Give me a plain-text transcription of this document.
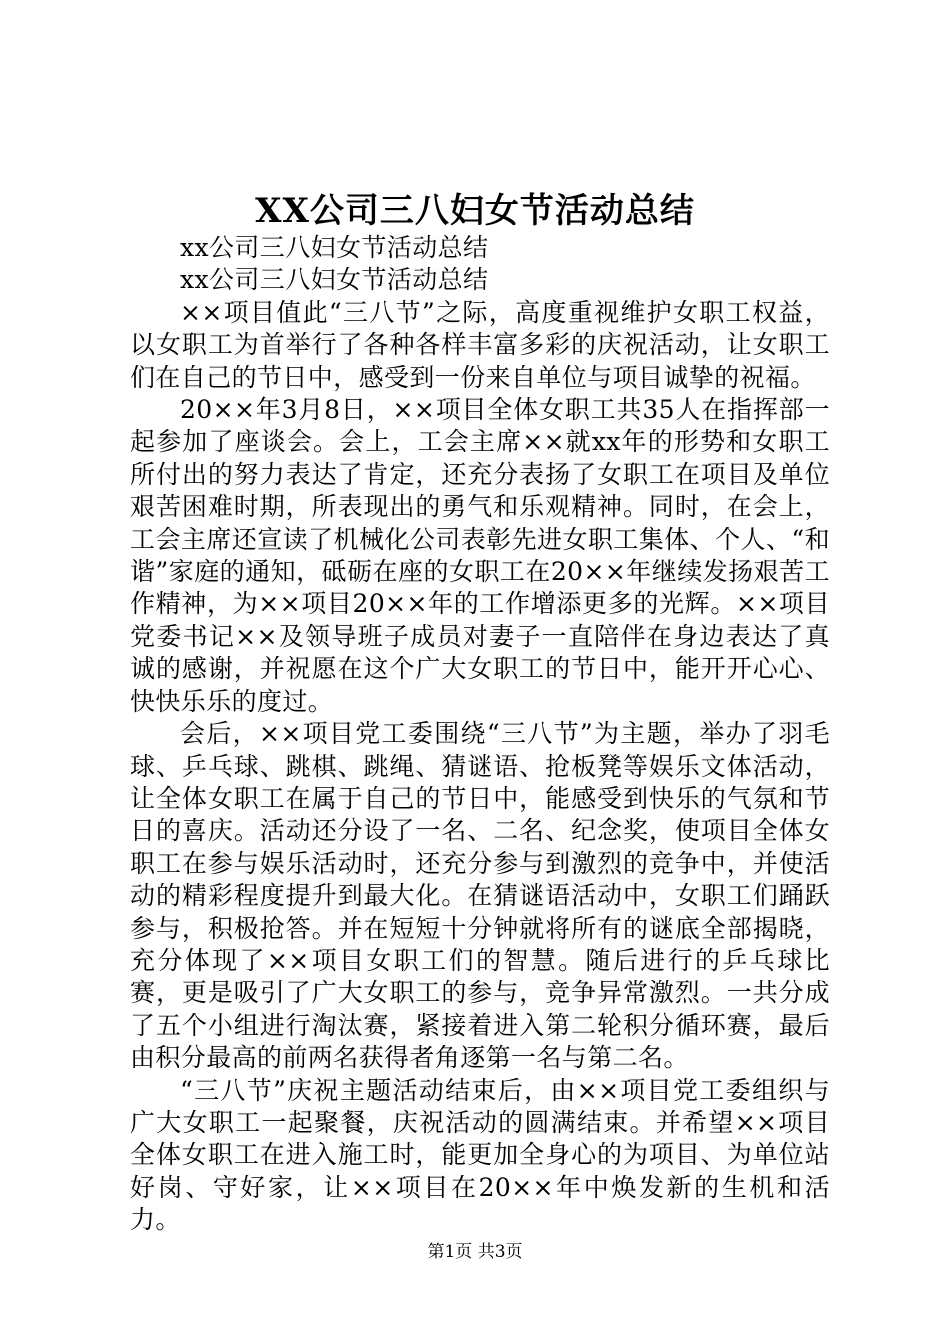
XX公司三八妇女节活动总结

xx公司三八妇女节活动总结

xx公司三八妇女节活动总结

××项目值此“三八节”之际，高度重视维护女职工权益，以女职工为首举行了各种各样丰富多彩的庆祝活动，让女职工们在自己的节日中，感受到一份来自单位与项目诚挚的祝福。

20××年3月8日，××项目全体女职工共35人在指挥部一起参加了座谈会。会上，工会主席××就xx年的形势和女职工所付出的努力表达了肯定，还充分表扬了女职工在项目及单位艰苦困难时期，所表现出的勇气和乐观精神。同时，在会上，工会主席还宣读了机械化公司表彰先进女职工集体、个人、“和谐”家庭的通知，砥砺在座的女职工在20××年继续发扬艰苦工作精神，为××项目20××年的工作增添更多的光辉。××项目党委书记××及领导班子成员对妻子一直陪伴在身边表达了真诚的感谢，并祝愿在这个广大女职工的节日中，能开开心心、快快乐乐的度过。

会后，××项目党工委围绕“三八节”为主题，举办了羽毛球、乒乓球、跳棋、跳绳、猜谜语、抢板凳等娱乐文体活动，让全体女职工在属于自己的节日中，能感受到快乐的气氛和节日的喜庆。活动还分设了一名、二名、纪念奖，使项目全体女职工在参与娱乐活动时，还充分参与到激烈的竞争中，并使活动的精彩程度提升到最大化。在猜谜语活动中，女职工们踊跃参与，积极抢答。并在短短十分钟就将所有的谜底全部揭晓，充分体现了××项目女职工们的智慧。随后进行的乒乓球比赛，更是吸引了广大女职工的参与，竞争异常激烈。一共分成了五个小组进行淘汰赛，紧接着进入第二轮积分循环赛，最后由积分最高的前两名获得者角逐第一名与第二名。

“三八节”庆祝主题活动结束后，由××项目党工委组织与广大女职工一起聚餐，庆祝活动的圆满结束。并希望××项目全体女职工在进入施工时，能更加全身心的为项目、为单位站好岗、守好家，让××项目在20××年中焕发新的生机和活力。

第1页 共3页
